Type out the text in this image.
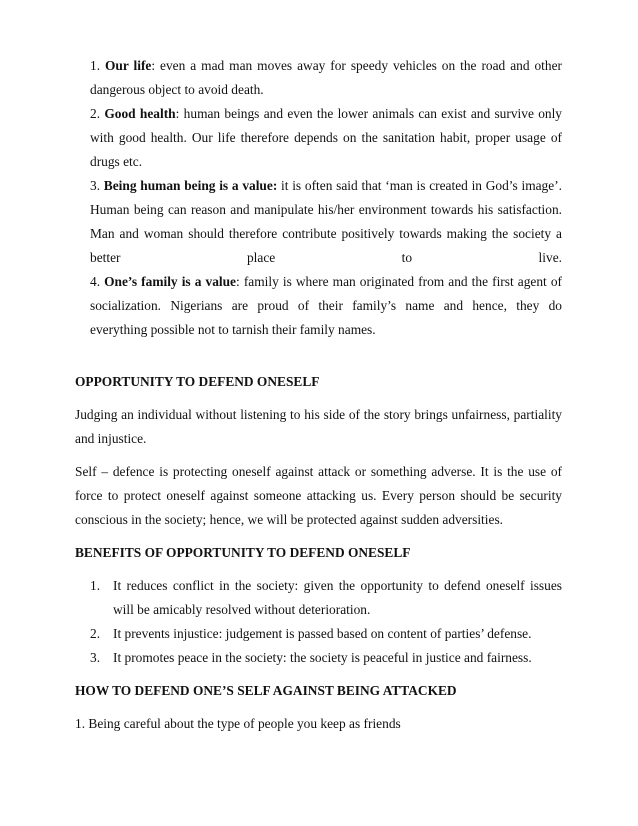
1. Our life: even a mad man moves away for speedy vehicles on the road and other

dangerous object to avoid death.

2. Good health: human beings and even the lower animals can exist and survive only

with good health. Our life therefore depends on the sanitation habit, proper usage of

drugs etc.

3. Being human being is a value: it is often said that ‘man is created in God’s image’.

Human being can reason and manipulate his/her environment towards his satisfaction.

Man and woman should therefore contribute positively towards making the society a

better place to live.

4. One’s family is a value: family is where man originated from and the first agent of

socialization. Nigerians are proud of their family’s name and hence, they do

everything possible not to tarnish their family names.

OPPORTUNITY TO DEFEND ONESELF

Judging an individual without listening to his side of the story brings unfairness, partiality

and injustice.

Self – defence is protecting oneself against attack or something adverse. It is the use of

force to protect oneself against someone attacking us. Every person should be security

conscious in the society; hence, we will be protected against sudden adversities.

BENEFITS OF OPPORTUNITY TO DEFEND ONESELF
1. It reduces conflict in the society: given the opportunity to defend oneself issues

will be amicably resolved without deterioration.

2. It prevents injustice: judgement is passed based on content of parties’ defense.

3. It promotes peace in the society: the society is peaceful in justice and fairness.

HOW TO DEFEND ONE’S SELF AGAINST BEING ATTACKED

1. Being careful about the type of people you keep as friends
